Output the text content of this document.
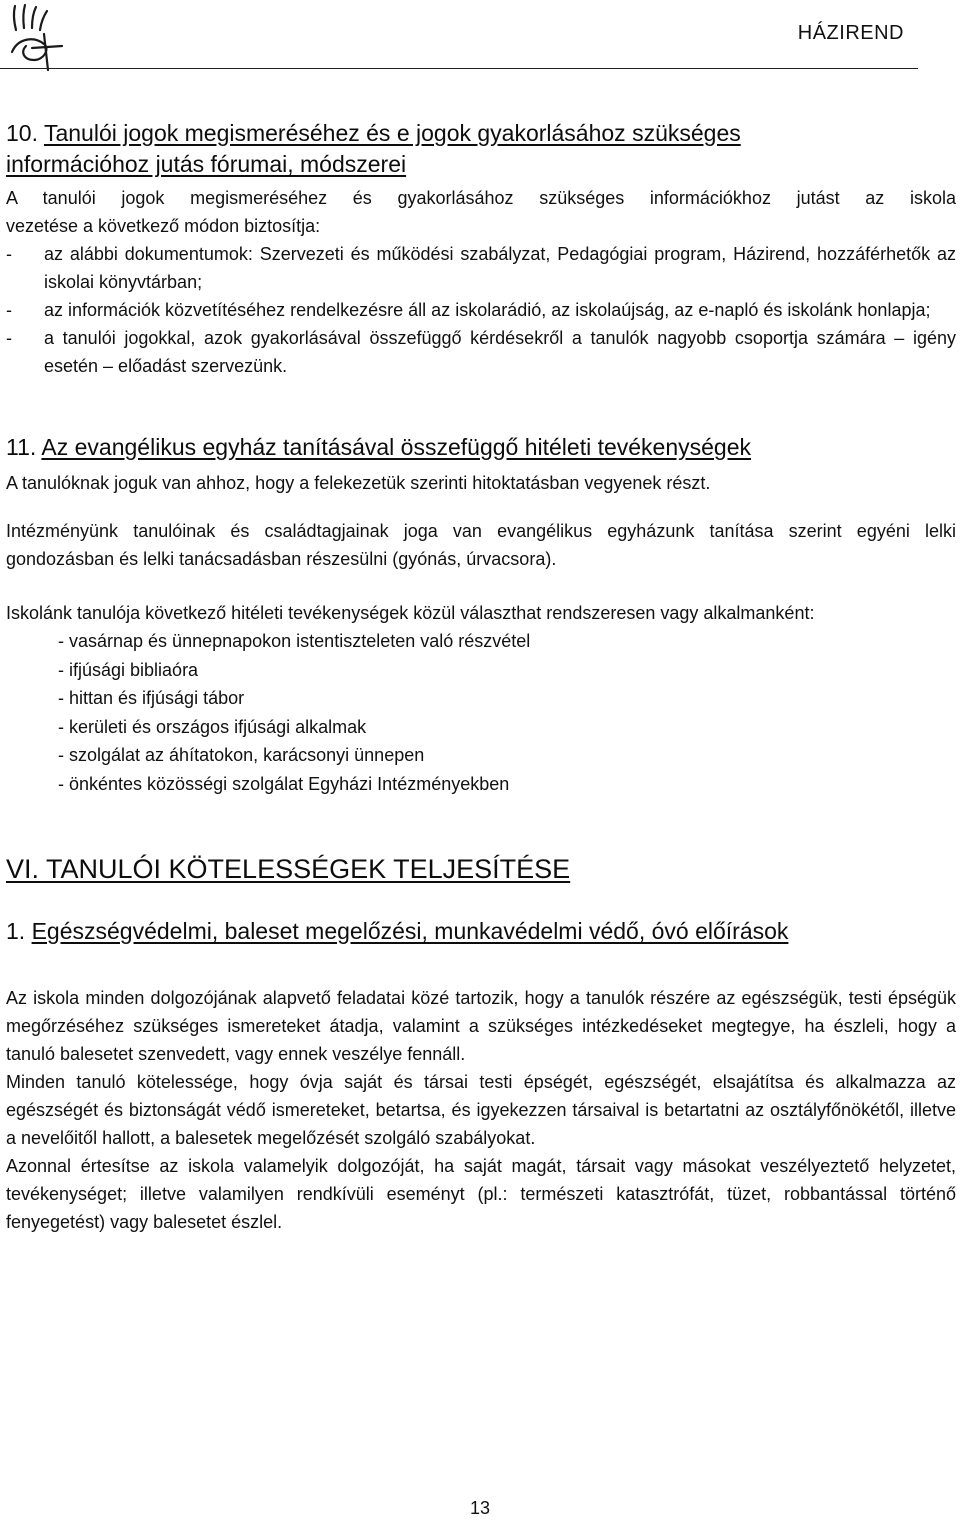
HÁZIREND
10. Tanulói jogok megismeréséhez és e jogok gyakorlásához szükséges
információhoz jutás fórumai, módszerei

A tanulói jogok megismeréséhez és gyakorlásához szükséges információkhoz jutást az iskola

vezetése a következő módon biztosítja:

-	az alábbi dokumentumok: Szervezeti és működési szabályzat, Pedagógiai program, Házirend, hozzáférhetők az iskolai könyvtárban;
-	az információk közvetítéséhez rendelkezésre áll az iskolarádió, az iskolaújság, az e-napló és iskolánk honlapja;
-	a tanulói jogokkal, azok gyakorlásával összefüggő kérdésekről a tanulók nagyobb csoportja számára – igény esetén – előadást szervezünk.
11. Az evangélikus egyház tanításával összefüggő hitéleti tevékenységek

A tanulóknak joguk van ahhoz, hogy a felekezetük szerinti hitoktatásban vegyenek részt.

Intézményünk tanulóinak és családtagjainak joga van evangélikus egyházunk tanítása szerint egyéni lelki gondozásban és lelki tanácsadásban részesülni (gyónás, úrvacsora).

Iskolánk tanulója következő hitéleti tevékenységek közül választhat rendszeresen vagy alkalmanként:

- vasárnap és ünnepnapokon istentiszteleten való részvétel
- ifjúsági bibliaóra
- hittan és ifjúsági tábor
- kerületi és országos ifjúsági alkalmak
- szolgálat az áhítatokon, karácsonyi ünnepen
- önkéntes közösségi szolgálat Egyházi Intézményekben
VI. TANULÓI KÖTELESSÉGEK TELJESÍTÉSE
1. Egészségvédelmi, baleset megelőzési, munkavédelmi védő, óvó előírások

Az iskola minden dolgozójának alapvető feladatai közé tartozik, hogy a tanulók részére az egészségük, testi épségük megőrzéséhez szükséges ismereteket átadja, valamint a szükséges intézkedéseket megtegye, ha észleli, hogy a tanuló balesetet szenvedett, vagy ennek veszélye fennáll.

Minden tanuló kötelessége, hogy óvja saját és társai testi épségét, egészségét, elsajátítsa és alkalmazza az egészségét és biztonságát védő ismereteket, betartsa, és igyekezzen társaival is betartatni az osztályfőnökétől, illetve a nevelőitől hallott, a balesetek megelőzését szolgáló szabályokat.

Azonnal értesítse az iskola valamelyik dolgozóját, ha saját magát, társait vagy másokat veszélyeztető helyzetet, tevékenységet; illetve valamilyen rendkívüli eseményt (pl.: természeti katasztrófát, tüzet, robbantással történő fenyegetést) vagy balesetet észlel.

13
